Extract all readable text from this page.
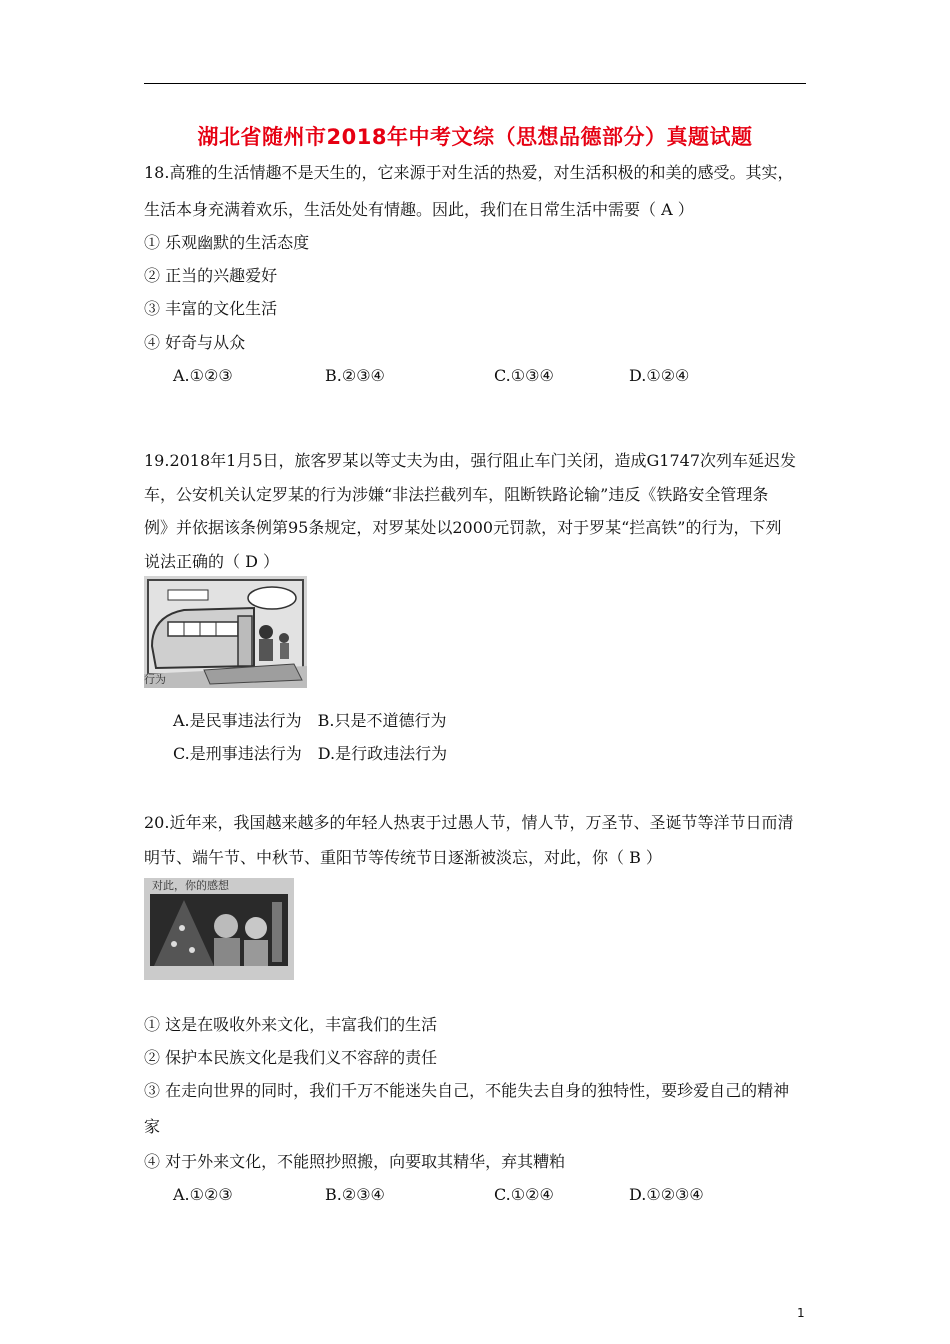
湖北省随州市2018年中考文综（思想品德部分）真题试题
18.高雅的生活情趣不是天生的，它来源于对生活的热爱，对生活积极的和美的感受。其实，
生活本身充满着欢乐，生活处处有情趣。因此，我们在日常生活中需要（ A ）
① 乐观幽默的生活态度
② 正当的兴趣爱好
③ 丰富的文化生活
④ 好奇与从众
A.①②③	B.②③④	C.①③④	D.①②④
19.2018年1月5日，旅客罗某以等丈夫为由，强行阻止车门关闭，造成G1747次列车延迟发
车，公安机关认定罗某的行为涉嫌“非法拦截列车，阻断铁路论输”违反《铁路安全管理条
例》并依据该条例第95条规定，对罗某处以2000元罚款，对于罗某“拦高铁”的行为，下列
说法正确的（ D ）
行为
A.是民事违法行为　B.只是不道德行为
C.是刑事违法行为　D.是行政违法行为
20.近年来，我国越来越多的年轻人热衷于过愚人节，情人节，万圣节、圣诞节等洋节日而清
明节、端午节、中秋节、重阳节等传统节日逐渐被淡忘，对此，你（ B ）
对此，你的感想
① 这是在吸收外来文化，丰富我们的生活
② 保护本民族文化是我们义不容辞的责任
③ 在走向世界的同时，我们千万不能迷失自己，不能失去自身的独特性，要珍爱自己的精神
家
④ 对于外来文化，不能照抄照搬，向要取其精华，弃其糟粕
A.①②③	B.②③④	C.①②④	D.①②③④
1
